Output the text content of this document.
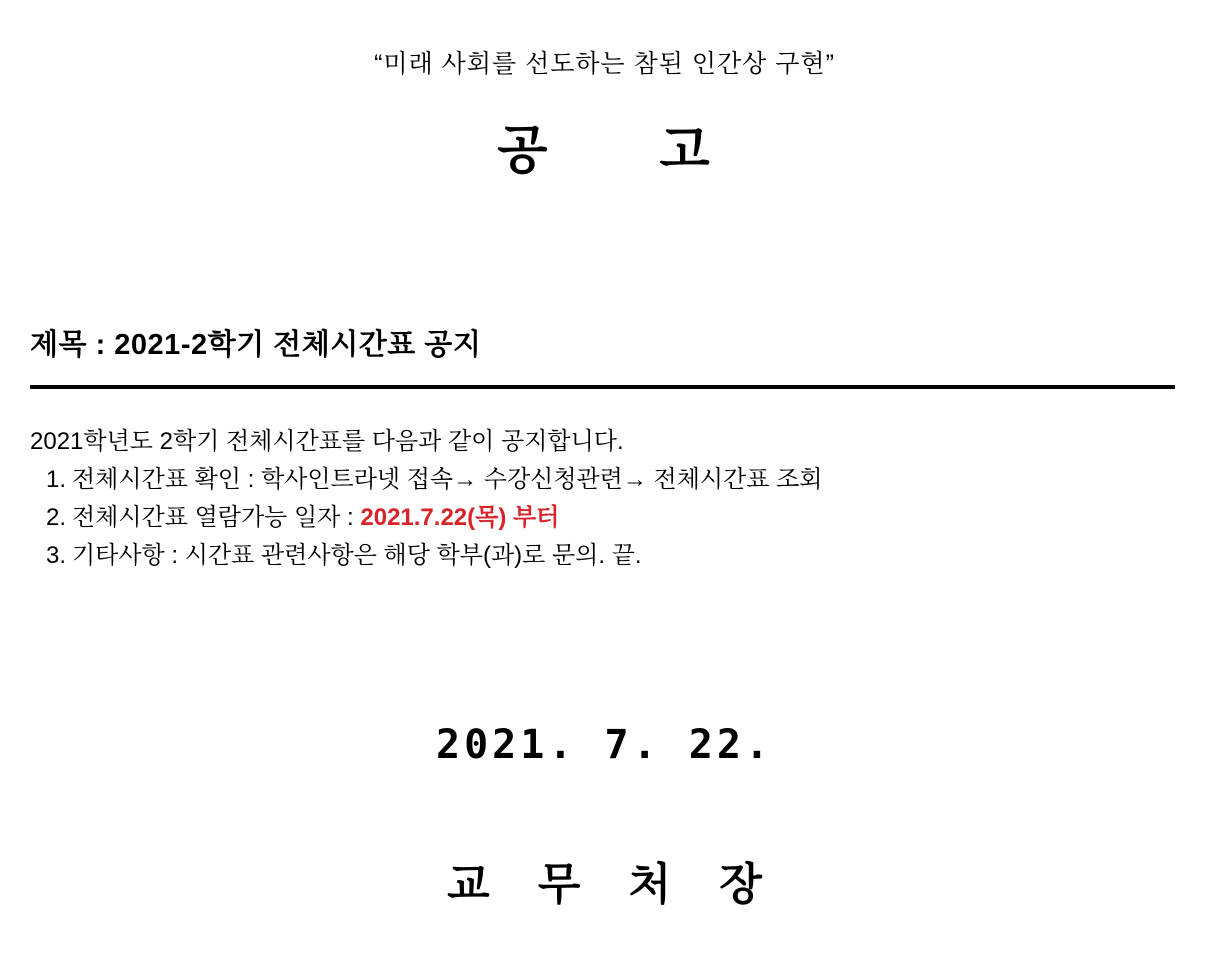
“미래 사회를 선도하는 참된 인간상 구현”
공 고
제목 : 2021-2학기 전체시간표 공지

2021학년도 2학기 전체시간표를 다음과 같이 공지합니다.

1. 전체시간표 확인 : 학사인트라넷 접속→ 수강신청관련→ 전체시간표 조회

2. 전체시간표 열람가능 일자 : 2021.7.22(목) 부터

3. 기타사항 : 시간표 관련사항은 해당 학부(과)로 문의. 끝.

2021. 7. 22.
교 무 처 장
